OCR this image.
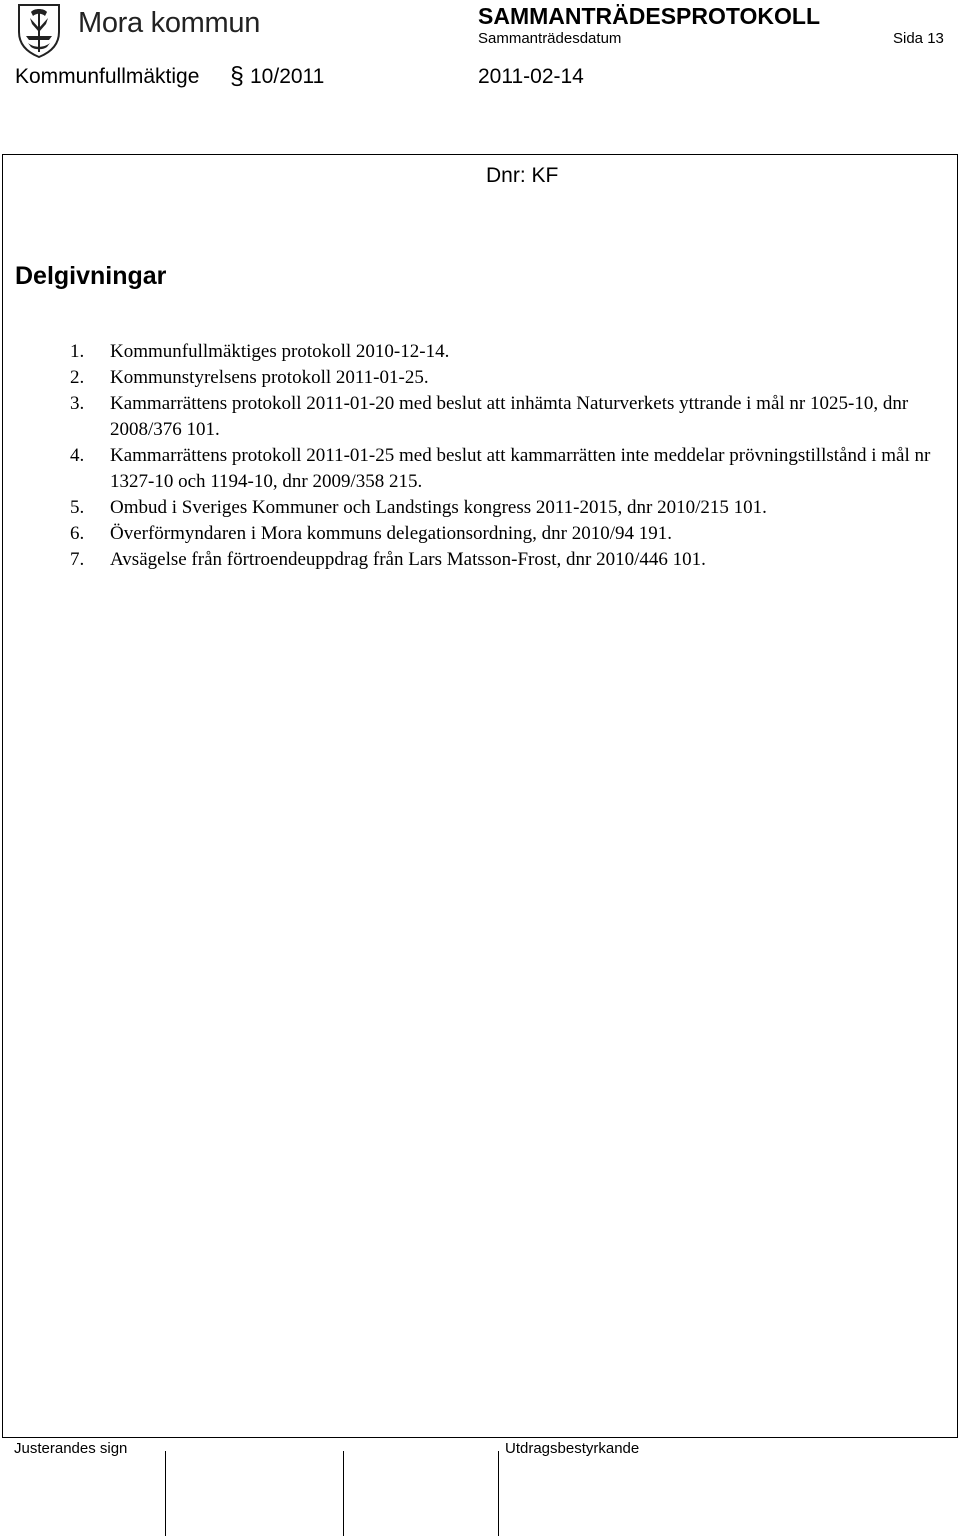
Mora kommun	SAMMANTRÄDESPROTOKOLL
Sammanträdesdatum	Sida 13
Kommunfullmäktige § 10/2011	2011-02-14
Dnr: KF
Delgivningar
1. Kommunfullmäktiges protokoll 2010-12-14.
2. Kommunstyrelsens protokoll 2011-01-25.
3. Kammarrättens protokoll 2011-01-20 med beslut att inhämta Naturverkets yttrande i mål nr 1025-10, dnr 2008/376 101.
4. Kammarrättens protokoll 2011-01-25 med beslut att kammarrätten inte meddelar prövningstillstånd i mål nr 1327-10 och 1194-10, dnr 2009/358 215.
5. Ombud i Sveriges Kommuner och Landstings kongress 2011-2015, dnr 2010/215 101.
6. Överförmyndaren i Mora kommuns delegationsordning, dnr 2010/94 191.
7. Avsägelse från förtroendeuppdrag från Lars Matsson-Frost, dnr 2010/446 101.
Justerandes sign	Utdragsbestyrkande
